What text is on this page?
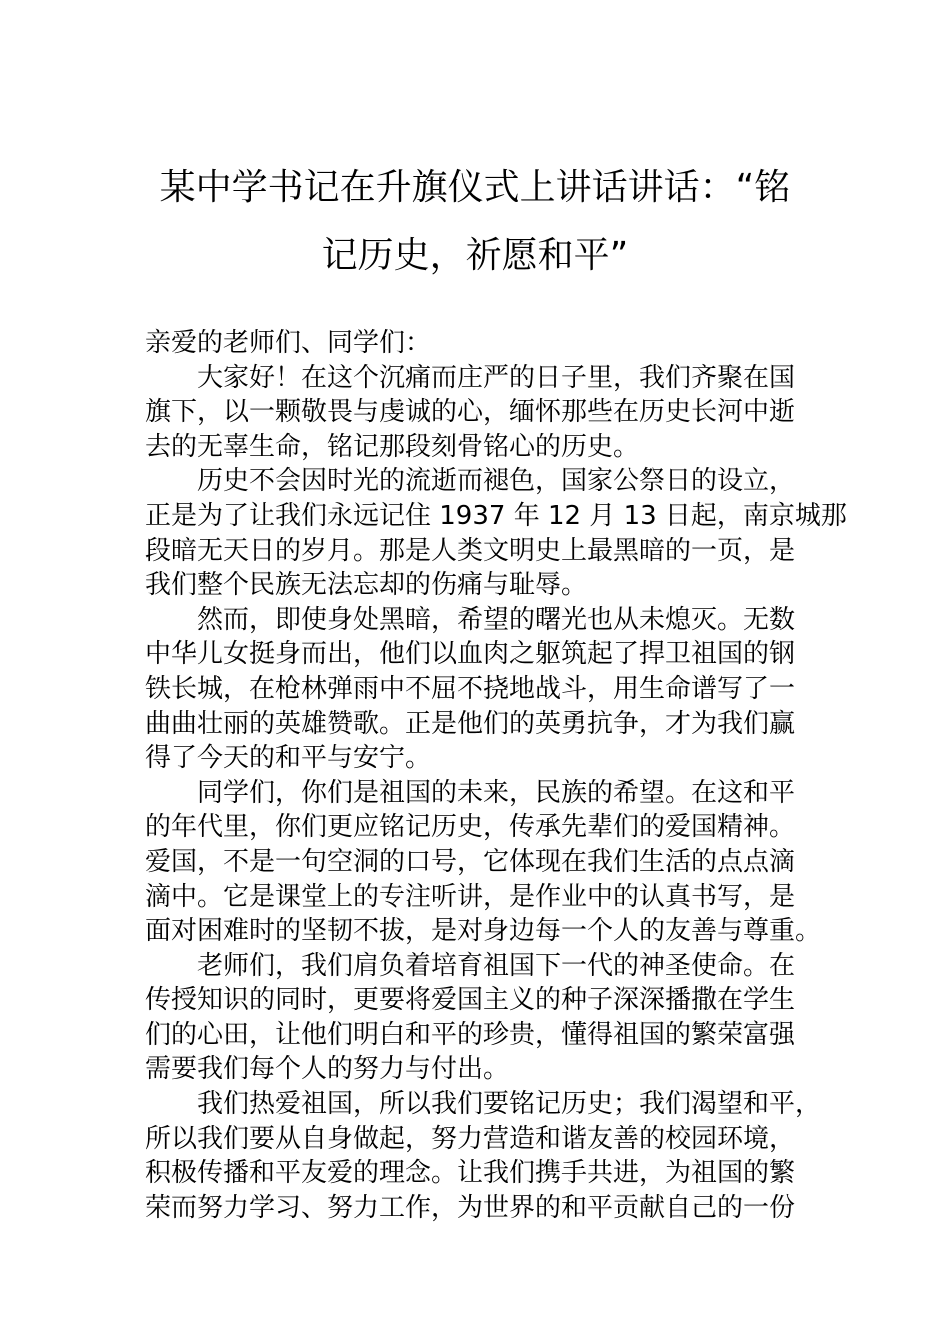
某中学书记在升旗仪式上讲话讲话：“铭
记历史，祈愿和平”
亲爱的老师们、同学们：
大家好！在这个沉痛而庄严的日子里，我们齐聚在国
旗下，以一颗敬畏与虔诚的心，缅怀那些在历史长河中逝
去的无辜生命，铭记那段刻骨铭心的历史。
历史不会因时光的流逝而褪色，国家公祭日的设立，
正是为了让我们永远记住 1937 年 12 月 13 日起，南京城那
段暗无天日的岁月。那是人类文明史上最黑暗的一页，是
我们整个民族无法忘却的伤痛与耻辱。
然而，即使身处黑暗，希望的曙光也从未熄灭。无数
中华儿女挺身而出，他们以血肉之躯筑起了捍卫祖国的钢
铁长城，在枪林弹雨中不屈不挠地战斗，用生命谱写了一
曲曲壮丽的英雄赞歌。正是他们的英勇抗争，才为我们赢
得了今天的和平与安宁。
同学们，你们是祖国的未来，民族的希望。在这和平
的年代里，你们更应铭记历史，传承先辈们的爱国精神。
爱国，不是一句空洞的口号，它体现在我们生活的点点滴
滴中。它是课堂上的专注听讲，是作业中的认真书写，是
面对困难时的坚韧不拔，是对身边每一个人的友善与尊重。
老师们，我们肩负着培育祖国下一代的神圣使命。在
传授知识的同时，更要将爱国主义的种子深深播撒在学生
们的心田，让他们明白和平的珍贵，懂得祖国的繁荣富强
需要我们每个人的努力与付出。
我们热爱祖国，所以我们要铭记历史；我们渴望和平，
所以我们要从自身做起，努力营造和谐友善的校园环境，
积极传播和平友爱的理念。让我们携手共进，为祖国的繁
荣而努力学习、努力工作，为世界的和平贡献自己的一份
